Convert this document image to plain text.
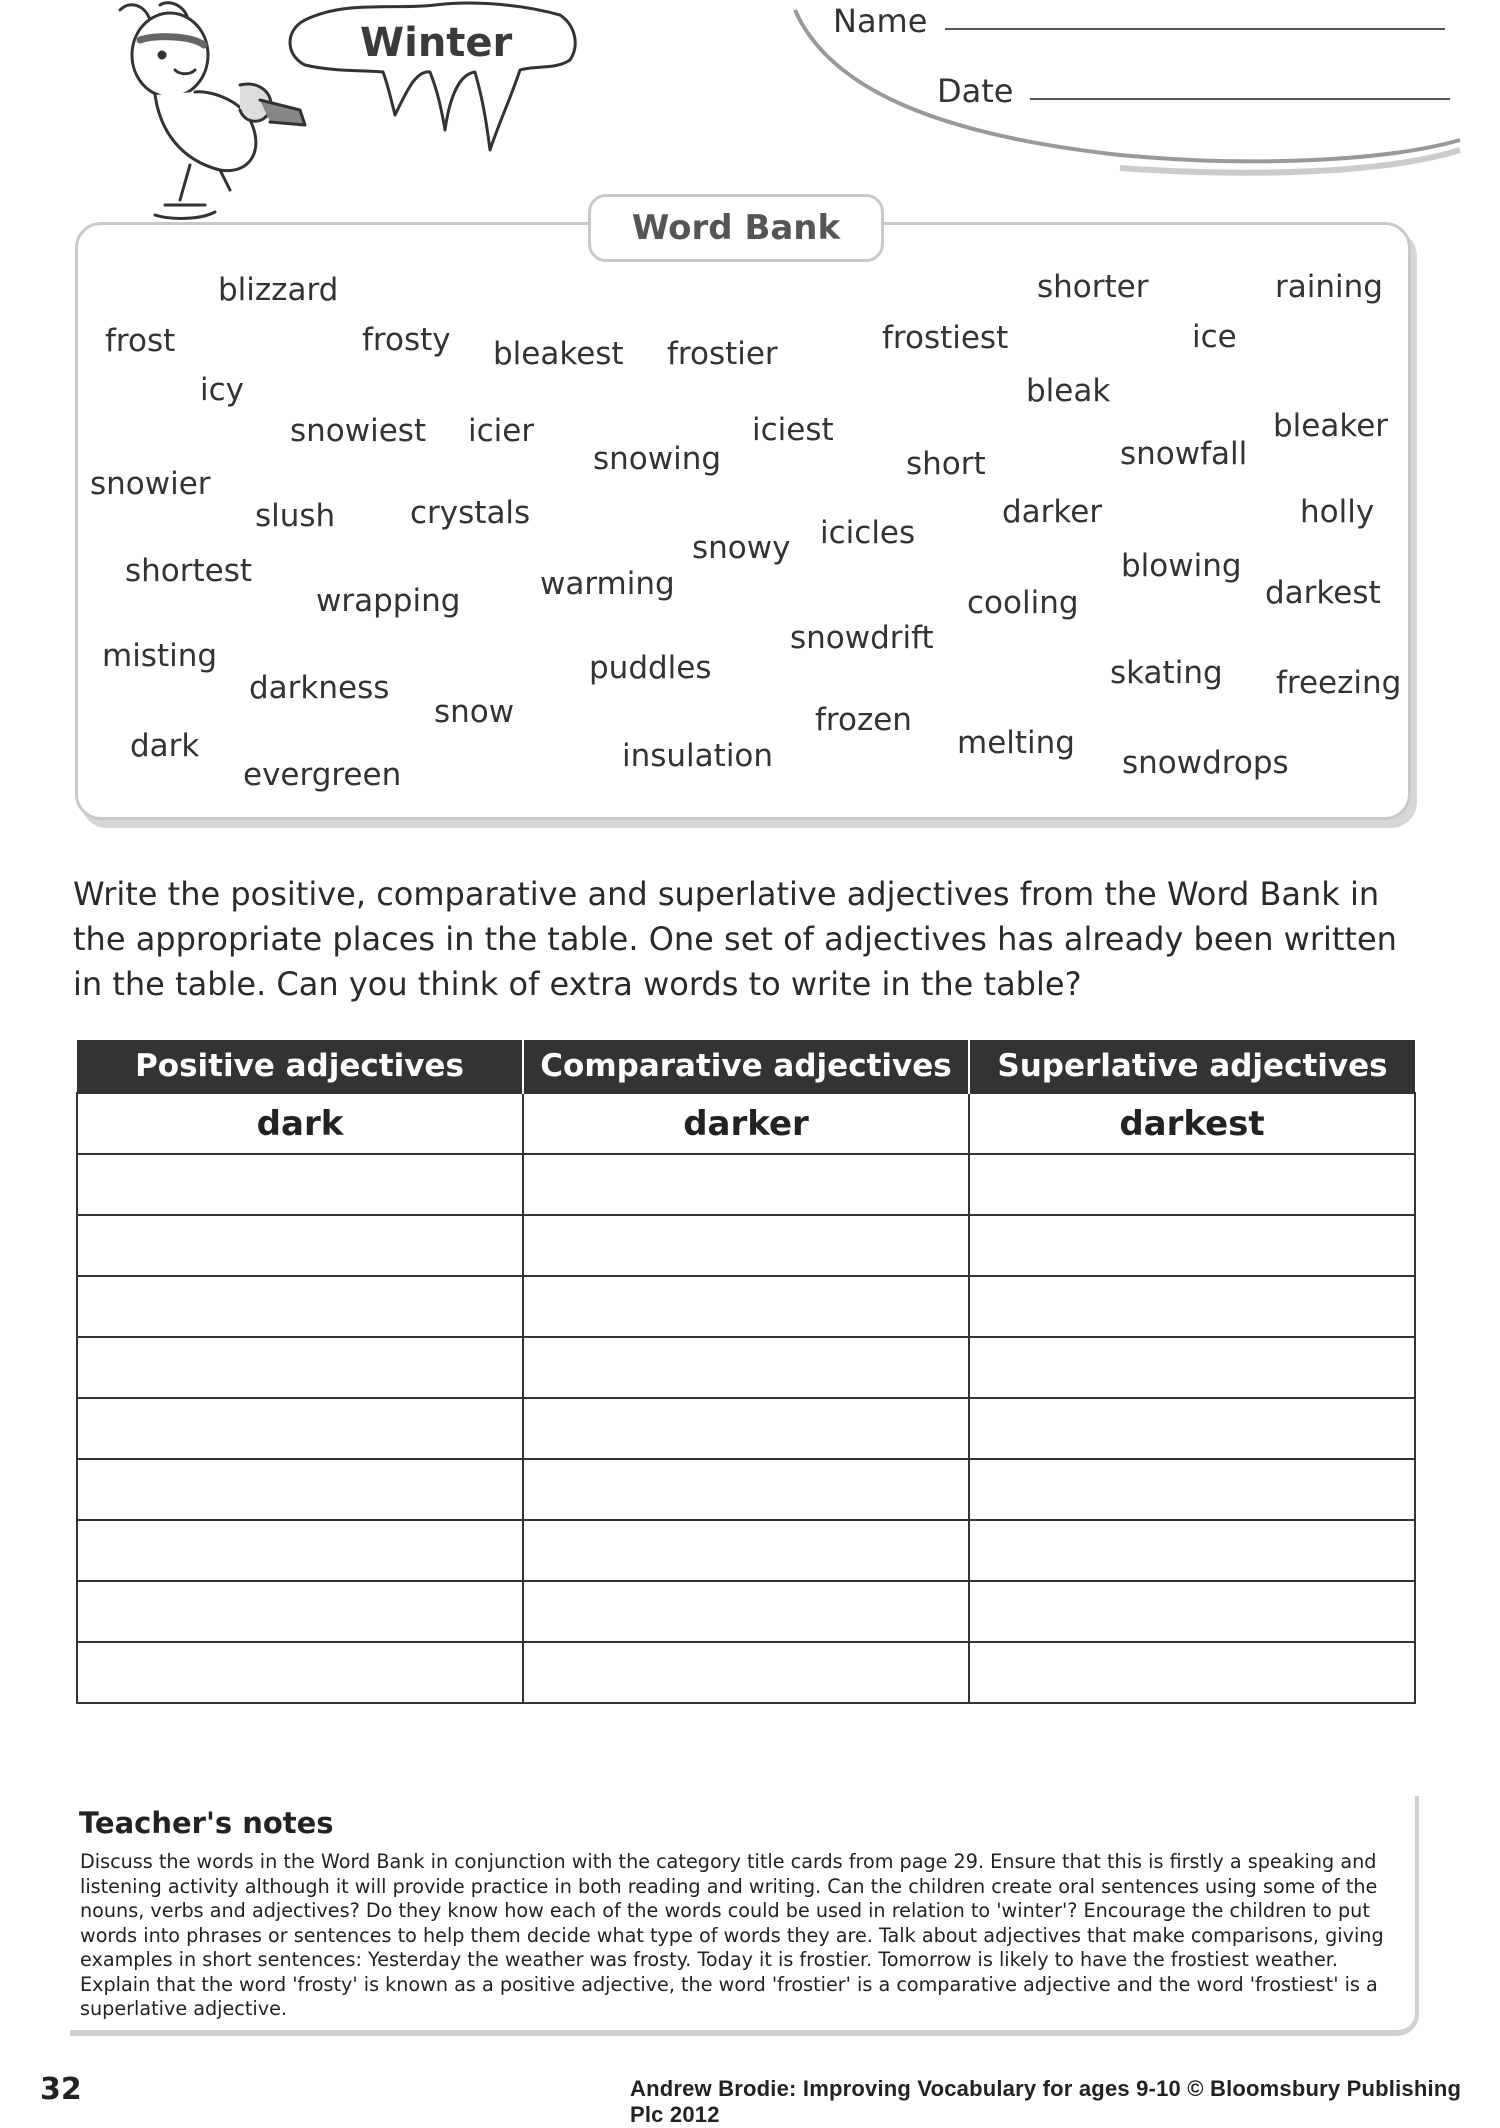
Winter	Name
Date
Word Bank
blizzard	shorter	raining
frost	frosty bleakest frostier	frostiest	ice
icy	bleak
snowiest icier	iciest	bleaker
snowing	short	snowfall
snowier
slush crystals	darker	holly
snowy icicles
shortest	blowing
warming	darkest
wrapping	cooling
snowdrift
misting	puddles	skating freezing
darkness
snow	frozen
dark	insulation	melting
evergreen	snowdrops
Write the positive, comparative and superlative adjectives from the Word Bank in the appropriate places in the table. One set of adjectives has already been written in the table. Can you think of extra words to write in the table?
Positive adjectives	Comparative adjectives	Superlative adjectives
dark	darker	darkest

Teacher's notes
Discuss the words in the Word Bank in conjunction with the category title cards from page 29. Ensure that this is firstly a speaking and listening activity although it will provide practice in both reading and writing. Can the children create oral sentences using some of the nouns, verbs and adjectives? Do they know how each of the words could be used in relation to 'winter'? Encourage the children to put words into phrases or sentences to help them decide what type of words they are. Talk about adjectives that make comparisons, giving examples in short sentences: Yesterday the weather was frosty. Today it is frostier. Tomorrow is likely to have the frostiest weather. Explain that the word 'frosty' is known as a positive adjective, the word 'frostier' is a comparative adjective and the word 'frostiest' is a superlative adjective.
32	Andrew Brodie: Improving Vocabulary for ages 9-10 © Bloomsbury Publishing Plc 2012
